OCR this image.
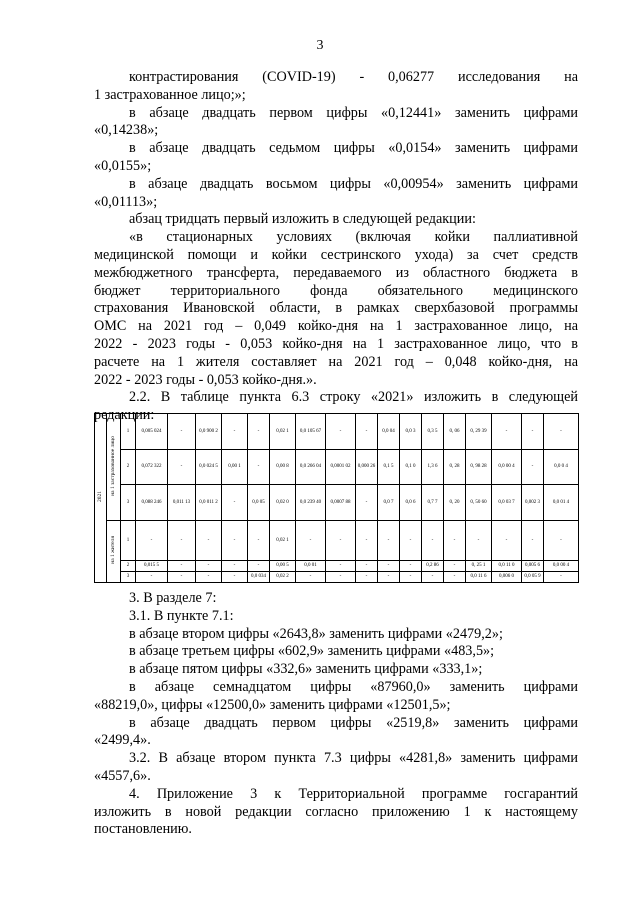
3

контрастирования (COVID-19) - 0,06277 исследования на

1 застрахованное лицо;»;

в абзаце двадцать первом цифры «0,12441» заменить цифрами

«0,14238»;

в абзаце двадцать седьмом цифры «0,0154» заменить цифрами

«0,0155»;

в абзаце двадцать восьмом цифры «0,00954» заменить цифрами

«0,01113»;

абзац тридцать первый изложить в следующей редакции:

«в стационарных условиях (включая койки паллиативной

медицинской помощи и койки сестринского ухода) за счет средств

межбюджетного трансферта, передаваемого из областного бюджета в

бюджет территориального фонда обязательного медицинского

страхования Ивановской области, в рамках сверхбазовой программы

ОМС на 2021 год – 0,049 койко-дня на 1 застрахованное лицо, на

2022 - 2023 годы - 0,053 койко-дня на 1 застрахованное лицо, что в

расчете на 1 жителя составляет на 2021 год – 0,048 койко-дня, на

2022 - 2023 годы - 0,053 койко-дня.».

2.2. В таблице пункта 6.3 строку «2021» изложить в следующей

редакции:

2021	на 1 застрахованное лицо	1	0,005 024	-	0,0 900 2	-	-	0,02 1	0,0 105 67	-	-	0,0 04	0,0 3	0,3 5	0, 06	0, 29 39	-	-	-	
		2	0,072 322	-	0,0 024 5	0,00 1	-	0,00 8	0,0 266 04	0,0001 02	0,000 26	0,1 5	0,1 0	1,3 6	0, 28	0, 98 28	0,0 00 4	-	0,0 0 4	
		3	0,088 246	0,011 13	0,0 011 2	-	0,0 05	0,02 0	0,0 239 40	0,0007 88	-	0,0 7	0,0 6	0,7 7	0, 20	0, 50 60	0,0 03 7	0,002 3	0,0 01 4	
	на 1 жителя	1	-	-	-	-	-	0,02 1	-	-	-	-	-	-	-	-	-	-	-	
		2	0,015 5	-	-	-	-	0,00 5	0,0 01	-	-	-	-	0,2 86	-	0, 25 1	0,0 11 0	0,005 6	0,0 00 4	
		3	-	-	-	-	0,0 034	0,02 2	-	-	-	-	-	-	-	0,0 11 6	0,006 0	0,0 05 9	-	

3. В разделе 7:

3.1. В пункте 7.1:

в абзаце втором цифры «2643,8» заменить цифрами «2479,2»;

в абзаце третьем цифры «602,9» заменить цифрами «483,5»;

в абзаце пятом цифры «332,6» заменить цифрами «333,1»;

в абзаце семнадцатом цифры «87960,0» заменить цифрами

«88219,0», цифры «12500,0» заменить цифрами «12501,5»;

в абзаце двадцать первом цифры «2519,8» заменить цифрами

«2499,4».

3.2. В абзаце втором пункта 7.3 цифры «4281,8» заменить цифрами

«4557,6».

4. Приложение 3 к Территориальной программе госгарантий

изложить в новой редакции согласно приложению 1 к настоящему

постановлению.
